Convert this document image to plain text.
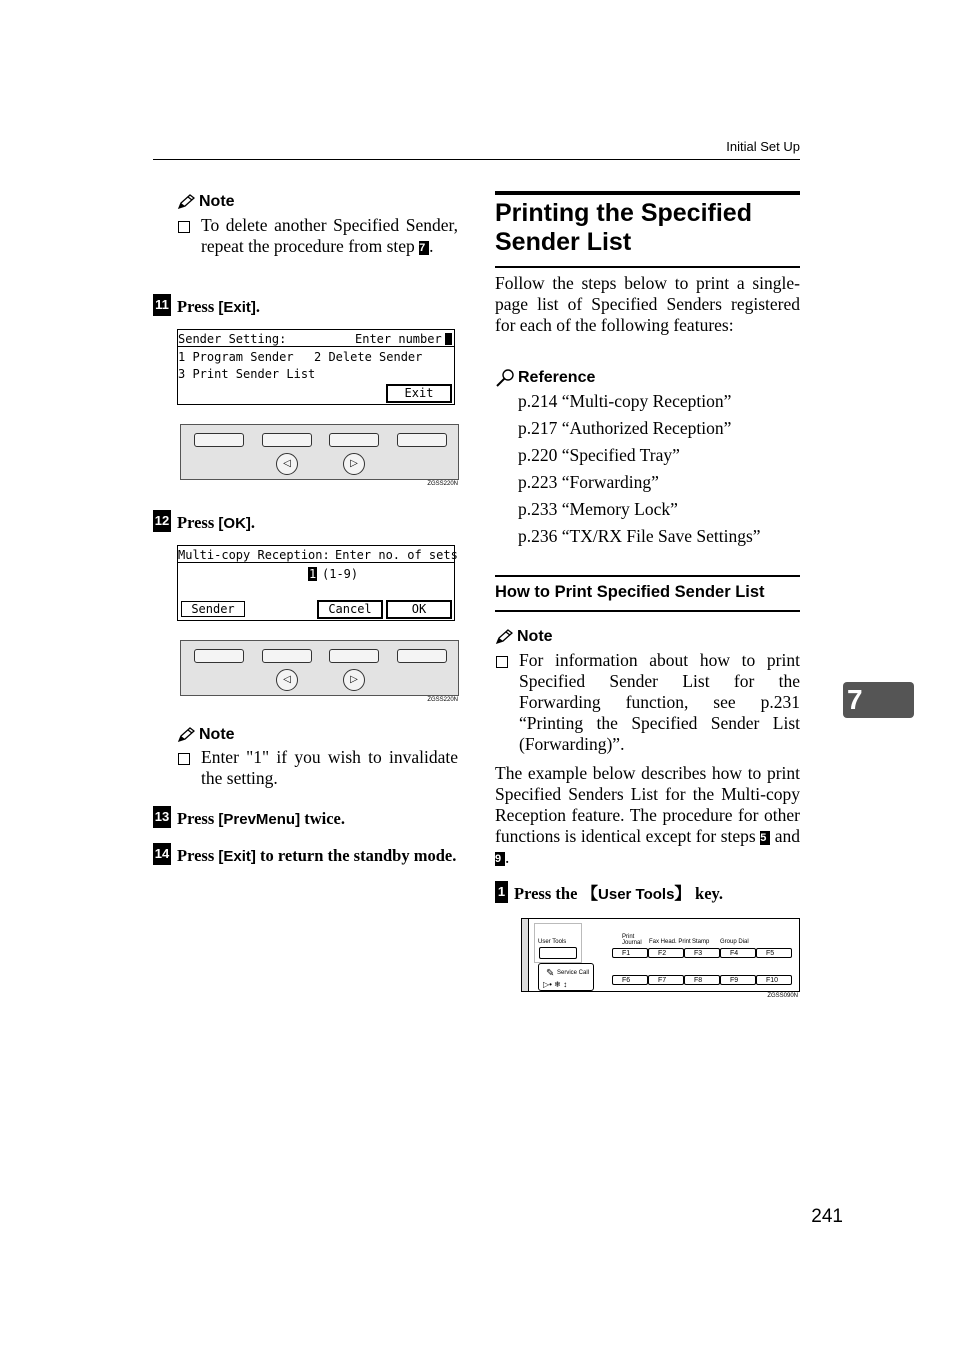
Initial Set Up
Note
To delete another Specified Sender, repeat the procedure from step 7 .
11 Press [Exit].
Sender Setting:	Enter number
1 Program Sender 2 Delete Sender
3 Print Sender List
Exit
◁	▷
ZGSS220N
12 Press [OK].
Multi-copy Reception: Enter no. of sets
1 (1-9)
Sender	Cancel	OK
◁	▷
ZGSS220N
Note
Enter "1" if you wish to invalidate the setting.
13 Press [PrevMenu] twice.
14 Press [Exit] to return the standby mode.
Printing the Specified Sender List
Follow the steps below to print a single-page list of Specified Senders registered for each of the following features:
Reference
p.214 “Multi-copy Reception”
p.217 “Authorized Reception”
p.220 “Specified Tray”
p.223 “Forwarding”
p.233 “Memory Lock”
p.236 “TX/RX File Save Settings”
How to Print Specified Sender List
Note
For information about how to print Specified Sender List for the Forwarding function, see p.231 “Printing the Specified Sender List (Forwarding)”.
The example below describes how to print Specified Senders List for the Multi-copy Reception feature. The procedure for other functions is identical except for steps 5 and 9 .
1 Press the 【User Tools】 key.
User Tools
✎ Service Call
▷• ❄ ↕
Print Journal	Fax Head. Print Stamp Group Dial
F1	F2	F3	F4	F5
F6	F7	F8	F9	F10
ZGSS090N
7
241
